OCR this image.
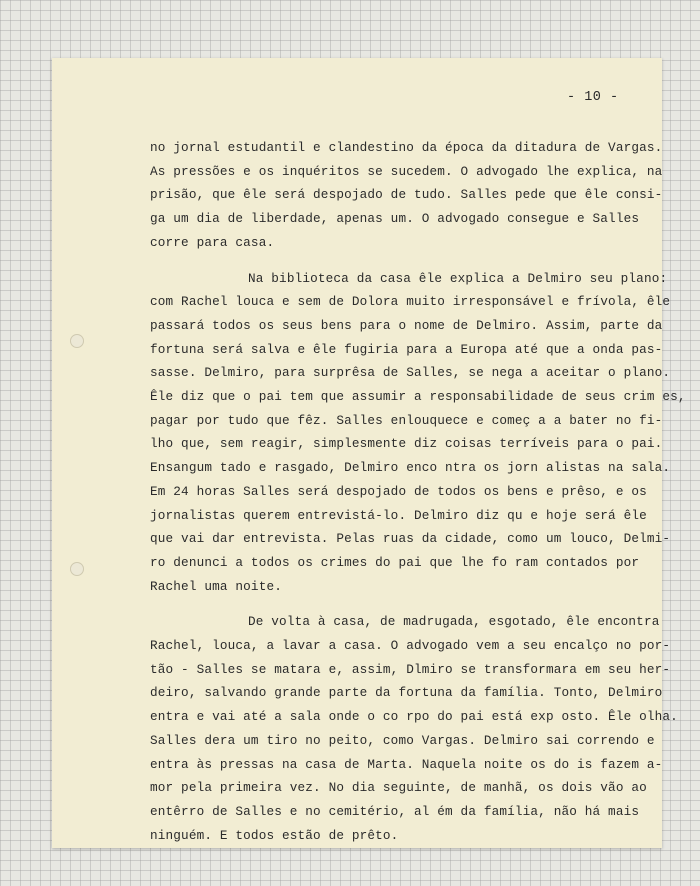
- 10 -

no jornal estudantil e clandestino da época da ditadura de Vargas.
As pressões e os inquéritos se sucedem. O advogado lhe explica, na
prisão, que êle será despojado de tudo. Salles pede que êle consi-
ga um dia de liberdade, apenas um. O advogado consegue e Salles
corre para casa.

Na biblioteca da casa êle explica a Delmiro seu plano:
com Rachel louca e sem de Dolora muito irresponsável e frívola, êle
passará todos os seus bens para o nome de Delmiro. Assim, parte da
fortuna será salva e êle fugiria para a Europa até que a onda pas-
sasse. Delmiro, para surprêsa de Salles, se nega a aceitar o plano.
Êle diz que o pai tem que assumir a responsabilidade de seus crim es,
pagar por tudo que fêz. Salles enlouquece e começ a a bater no fi-
lho que, sem reagir, simplesmente diz coisas terríveis para o pai.
Ensangum tado e rasgado, Delmiro enco ntra os jorn alistas na sala.
Em 24 horas Salles será despojado de todos os bens e prêso, e os
jornalistas querem entrevistá-lo. Delmiro diz qu e hoje será êle
que vai dar entrevista. Pelas ruas da cidade, como um louco, Delmi-
ro denunci a todos os crimes do pai que lhe fo ram contados por
Rachel uma noite.

De volta à casa, de madrugada, esgotado, êle encontra
Rachel, louca, a lavar a casa. O advogado vem a seu encalço no por-
tão - Salles se matara e, assim, Dlmiro se transformara em seu her-
deiro, salvando grande parte da fortuna da família. Tonto, Delmiro
entra e vai até a sala onde o co rpo do pai está exp osto. Êle olha.
Salles dera um tiro no peito, como Vargas. Delmiro sai correndo e
entra às pressas na casa de Marta. Naquela noite os do is fazem a-
mor pela primeira vez. No dia seguinte, de manhã, os dois vão ao
entêrro de Salles e no cemitério, al ém da família, não há mais
ninguém. E todos estão de prêto.
